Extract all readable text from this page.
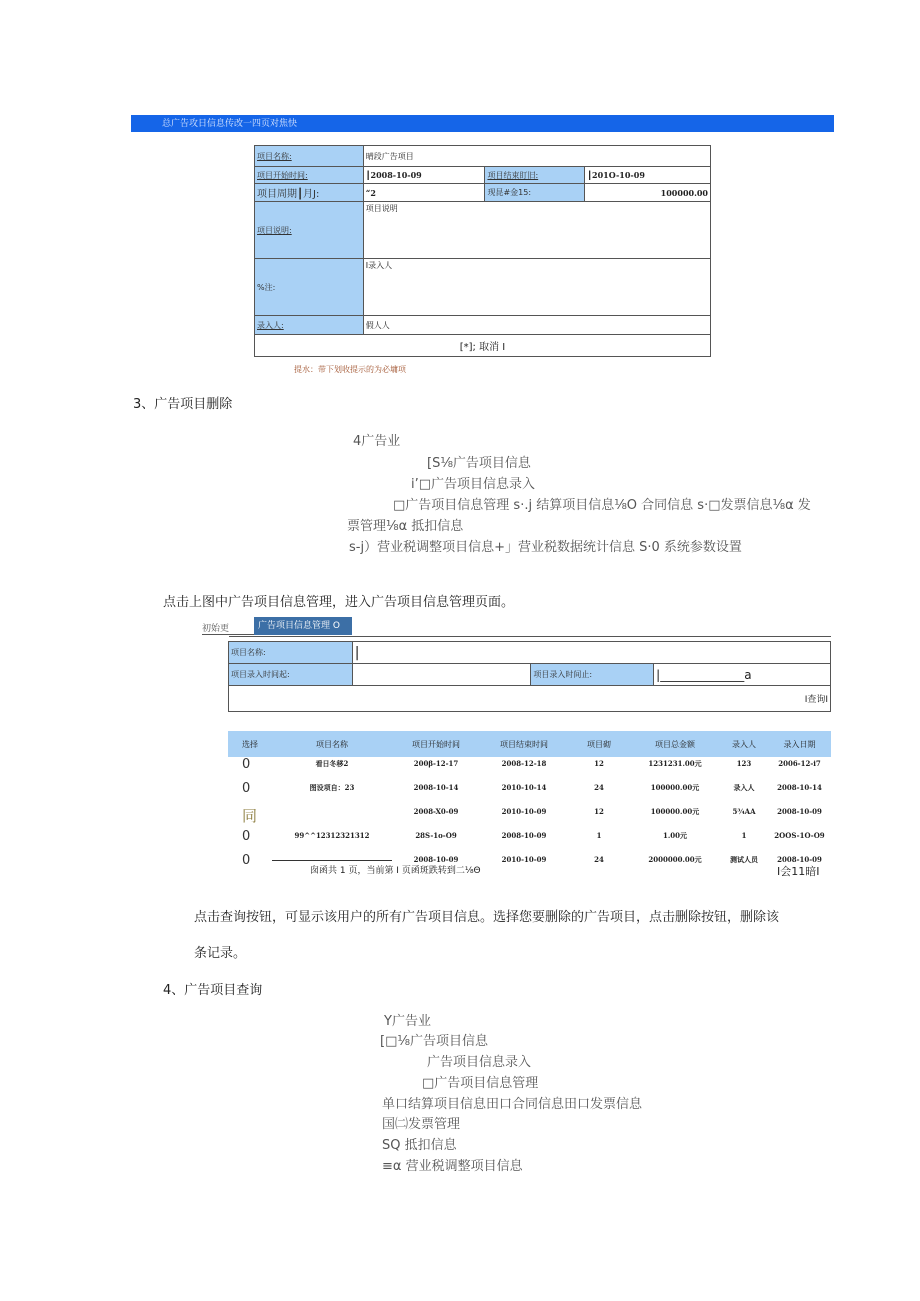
总广告攻日信息传改一四页对焦快
项目名称:	晴段广告项目		
项目开始时间:	┃2008-10-09	项目结束盯旧:	┃201O-10-09
项目周期┃月J:	“2	现昆#金15:	100000.00
项目说明:	项目说明		
%注:	I录入人		
录入人:	假人人		
[*]; 取消 I			
提水：带下划收提示的为必墉项
3、广告项目删除
4广告业
[S⅛广告项目信息
i’□广告项目信息录入
□广告项目信息管理 s·.j 结算项目信息⅛O 合同信息 s·□发票信息⅛α 发
票管理⅛α 抵扣信息
s-j）营业税调整项目信息+」营业税数据统计信息 S·0 系统参数设置
点击上图中广告项目信息管理，进入广告项目信息管理页面。
初始更	广告项目信息管理 O

项目名称:	|		
项目录入时间起:		项目录入时间止:	|______________a
I查询I			
选择	项目名称	项目开始时间	项目结束时间	项目砌	项目总金额	录入人	录入日期
0	看日冬移2	200β-12-17	2008-12-18	12	1231231.00元	123	2006-12-i7
0	图设项自：23	2008-10-14	2010-10-14	24	100000.00元	录入人	2008-10-14
同		2008-X0-09	2010-10-09	12	100000.00元	5¾AA	2008-10-09
0	99^^12312321312	28S-1o-O9	2008-10-09	1	1.00元	1	2OOS-1O-O9
0		2008-10-09	2010-10-09	24	2000000.00元	测试人员	2008-10-09
囱函共 1 页，当前第 I 页函斑跌转到二⅛Θ	I会11暗I
点击查询按钮，可显示该用户的所有广告项目信息。选择您要删除的广告项目，点击删除按钮，删除该
条记录。
4、广告项目查询
Y广告业
[□⅛广告项目信息
广告项目信息录入
□广告项目信息管理
单口结算项目信息田口合同信息田口发票信息
国㈡发票管理
SQ 抵扣信息
≡α 营业税调整项目信息
